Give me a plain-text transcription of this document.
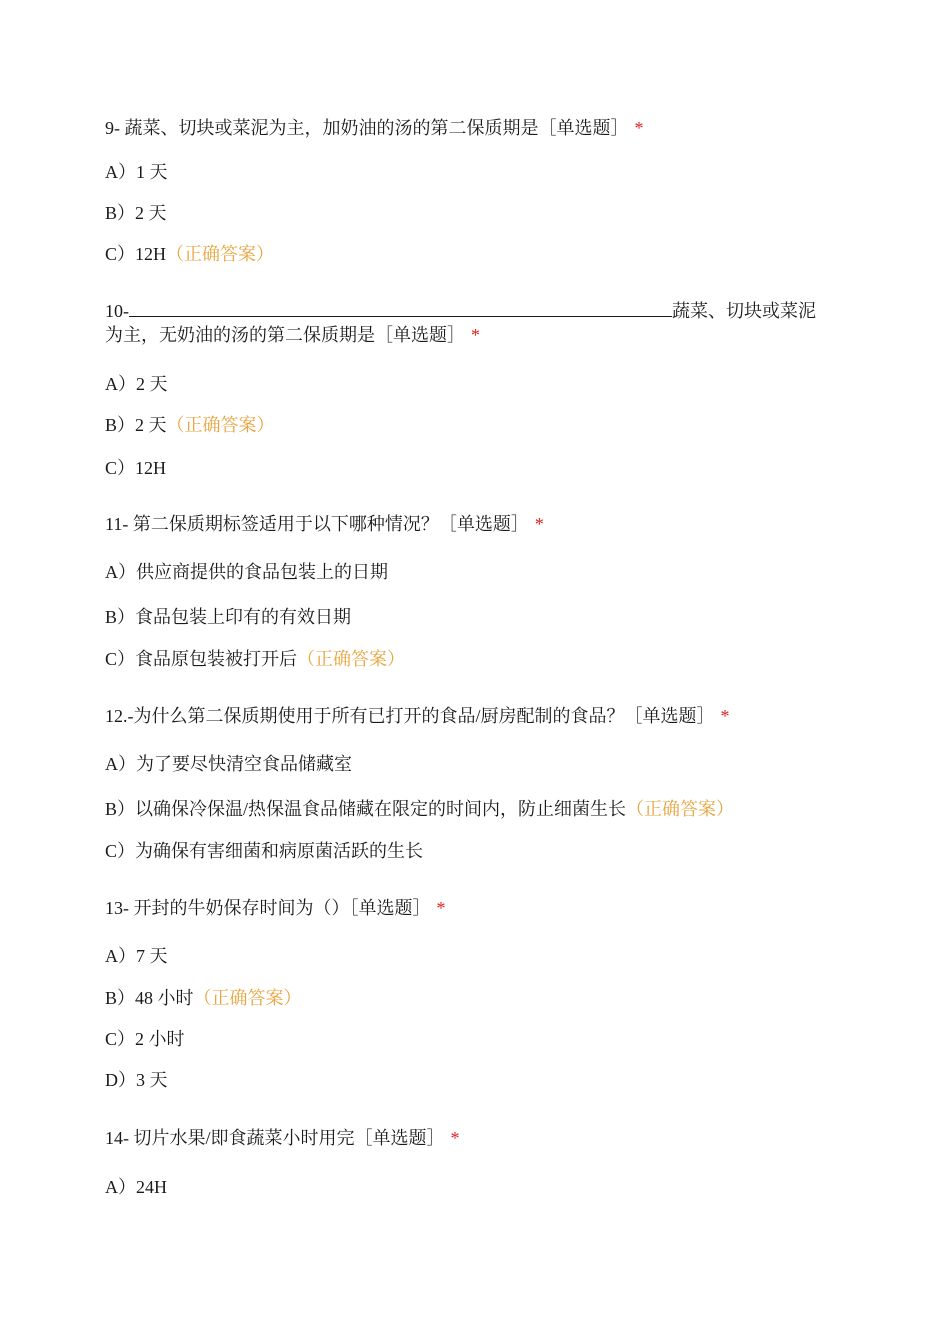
9- 蔬菜、切块或菜泥为主，加奶油的汤的第二保质期是［单选题］ *
A）1 天
B）2 天
C）12H（正确答案）
10-	蔬菜、切块或菜泥
为主，无奶油的汤的第二保质期是［单选题］ *
A）2 天
B）2 天（正确答案）
C）12H
11- 第二保质期标签适用于以下哪种情况？［单选题］ *
A）供应商提供的食品包装上的日期
B）食品包装上印有的有效日期
C）食品原包装被打开后（正确答案）
12.-为什么第二保质期使用于所有已打开的食品/厨房配制的食品？［单选题］ *
A）为了要尽快清空食品储藏室
B）以确保冷保温/热保温食品储藏在限定的时间内，防止细菌生长（正确答案）
C）为确保有害细菌和病原菌活跃的生长
13- 开封的牛奶保存时间为（）［单选题］ *
A）7 天
B）48 小时（正确答案）
C）2 小时
D）3 天
14- 切片水果/即食蔬菜小时用完［单选题］ *
A）24H
